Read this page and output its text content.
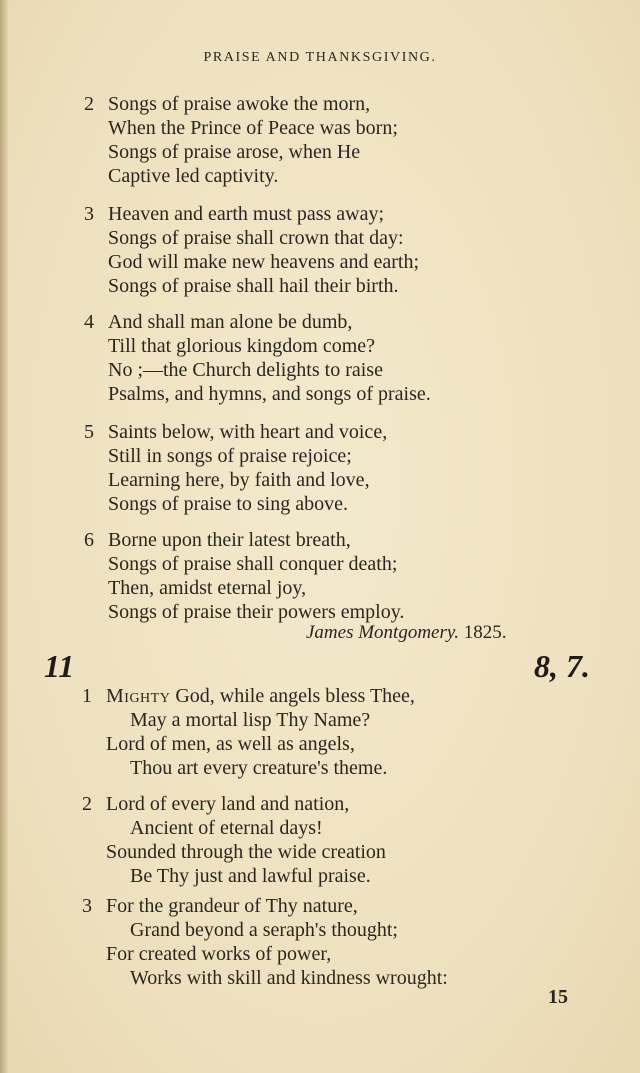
PRAISE AND THANKSGIVING.
2 Songs of praise awoke the morn,
When the Prince of Peace was born;
Songs of praise arose, when He
Captive led captivity.
3 Heaven and earth must pass away;
Songs of praise shall crown that day:
God will make new heavens and earth;
Songs of praise shall hail their birth.
4 And shall man alone be dumb,
Till that glorious kingdom come?
No ;—the Church delights to raise
Psalms, and hymns, and songs of praise.
5 Saints below, with heart and voice,
Still in songs of praise rejoice;
Learning here, by faith and love,
Songs of praise to sing above.
6 Borne upon their latest breath,
Songs of praise shall conquer death;
Then, amidst eternal joy,
Songs of praise their powers employ.
James Montgomery. 1825.
11	8, 7.
1 Mighty God, while angels bless Thee,
May a mortal lisp Thy Name?
Lord of men, as well as angels,
Thou art every creature's theme.
2 Lord of every land and nation,
Ancient of eternal days!
Sounded through the wide creation
Be Thy just and lawful praise.
3 For the grandeur of Thy nature,
Grand beyond a seraph's thought;
For created works of power,
Works with skill and kindness wrought:
15
